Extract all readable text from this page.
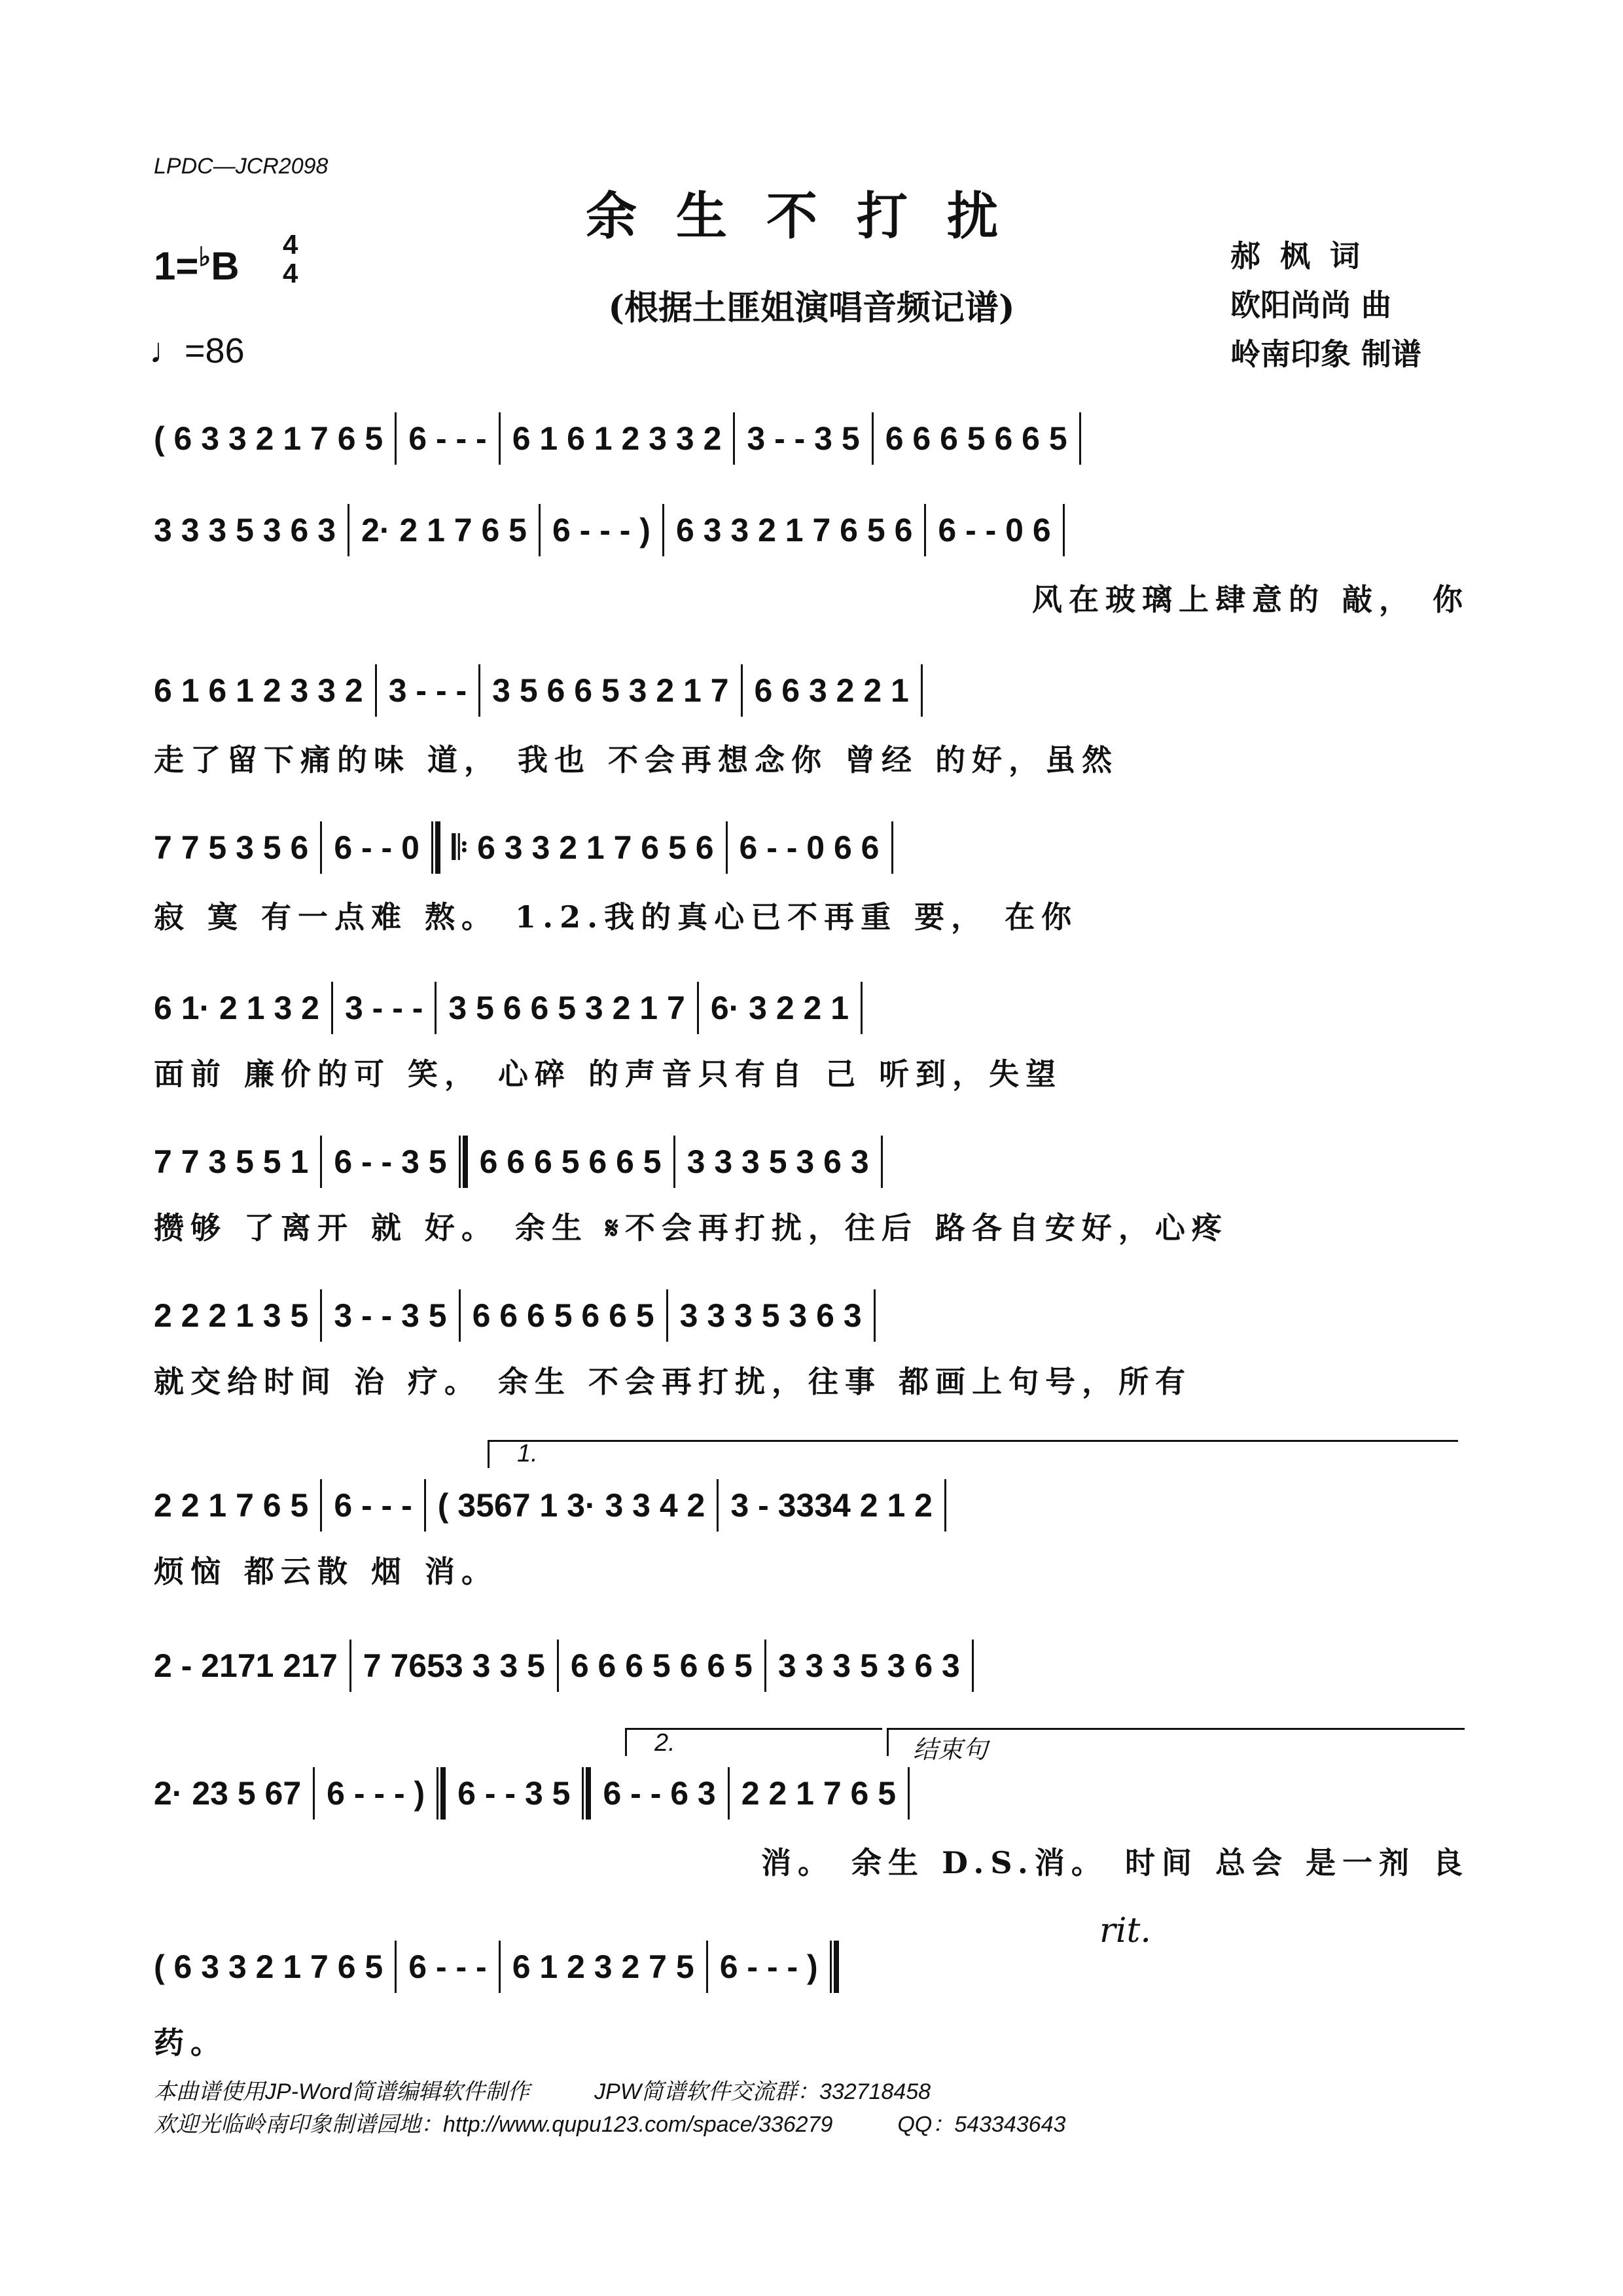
LPDC—JCR2098
余生不打扰
(根据土匪姐演唱音频记谱)
1=♭B 4
4
♩=86
郝枫词
欧阳尚尚 曲
岭南印象 制谱
( 6 3 3 2 1 7 6 5 6 - - - 6 1 6 1 2 3 3 2 3 - - 3 5 6 6 6 5 6 6 5
3 3 3 5 3 6 3 2· 2 1 7 6 5 6 - - - ) 6 3 3 2 1 7 6 5 6 6 - - 0 6
风在玻璃上肆意的 敲， 你
6 1 6 1 2 3 3 2 3 - - - 3 5 6 6 5 3 2 1 7 6 6 3 2 2 1
走了留下痛的味 道， 我也 不会再想念你 曾经 的好，虽然
7 7 5 3 5 6 6 - - 0 𝄆 6 3 3 2 1 7 6 5 6 6 - - 0 6 6
寂 寞 有一点难 熬。 1.2.我的真心已不再重 要， 在你
6 1· 2 1 3 2 3 - - - 3 5 6 6 5 3 2 1 7 6· 3 2 2 1
面前 廉价的可 笑， 心碎 的声音只有自 己 听到，失望
7 7 3 5 5 1 6 - - 3 5 6 6 6 5 6 6 5 3 3 3 5 3 6 3
攒够 了离开 就 好。 余生 𝄋不会再打扰，往后 路各自安好，心疼
2 2 2 1 3 5 3 - - 3 5 6 6 6 5 6 6 5 3 3 3 5 3 6 3
就交给时间 治 疗。 余生 不会再打扰，往事 都画上句号，所有
1.
2 2 1 7 6 5 6 - - - ( 3567 1 3· 3 3 4 2 3 - 3334 2 1 2
烦恼 都云散 烟 消。
2 - 2171 217 7 7653 3 3 5 6 6 6 5 6 6 5 3 3 3 5 3 6 3
2.	结束句
2· 23 5 67 6 - - - ) 6 - - 3 5 6 - - 6 3 2 2 1 7 6 5
消。 余生 D.S.消。 时间 总会 是一剂 良
rit.
( 6 3 3 2 1 7 6 5 6 - - - 6 1 2 3 2 7 5 6 - - - )
药。
本曲谱使用JP-Word简谱编辑软件制作	JPW简谱软件交流群：332718458
欢迎光临岭南印象制谱园地：http://www.qupu123.com/space/336279	QQ：543343643
